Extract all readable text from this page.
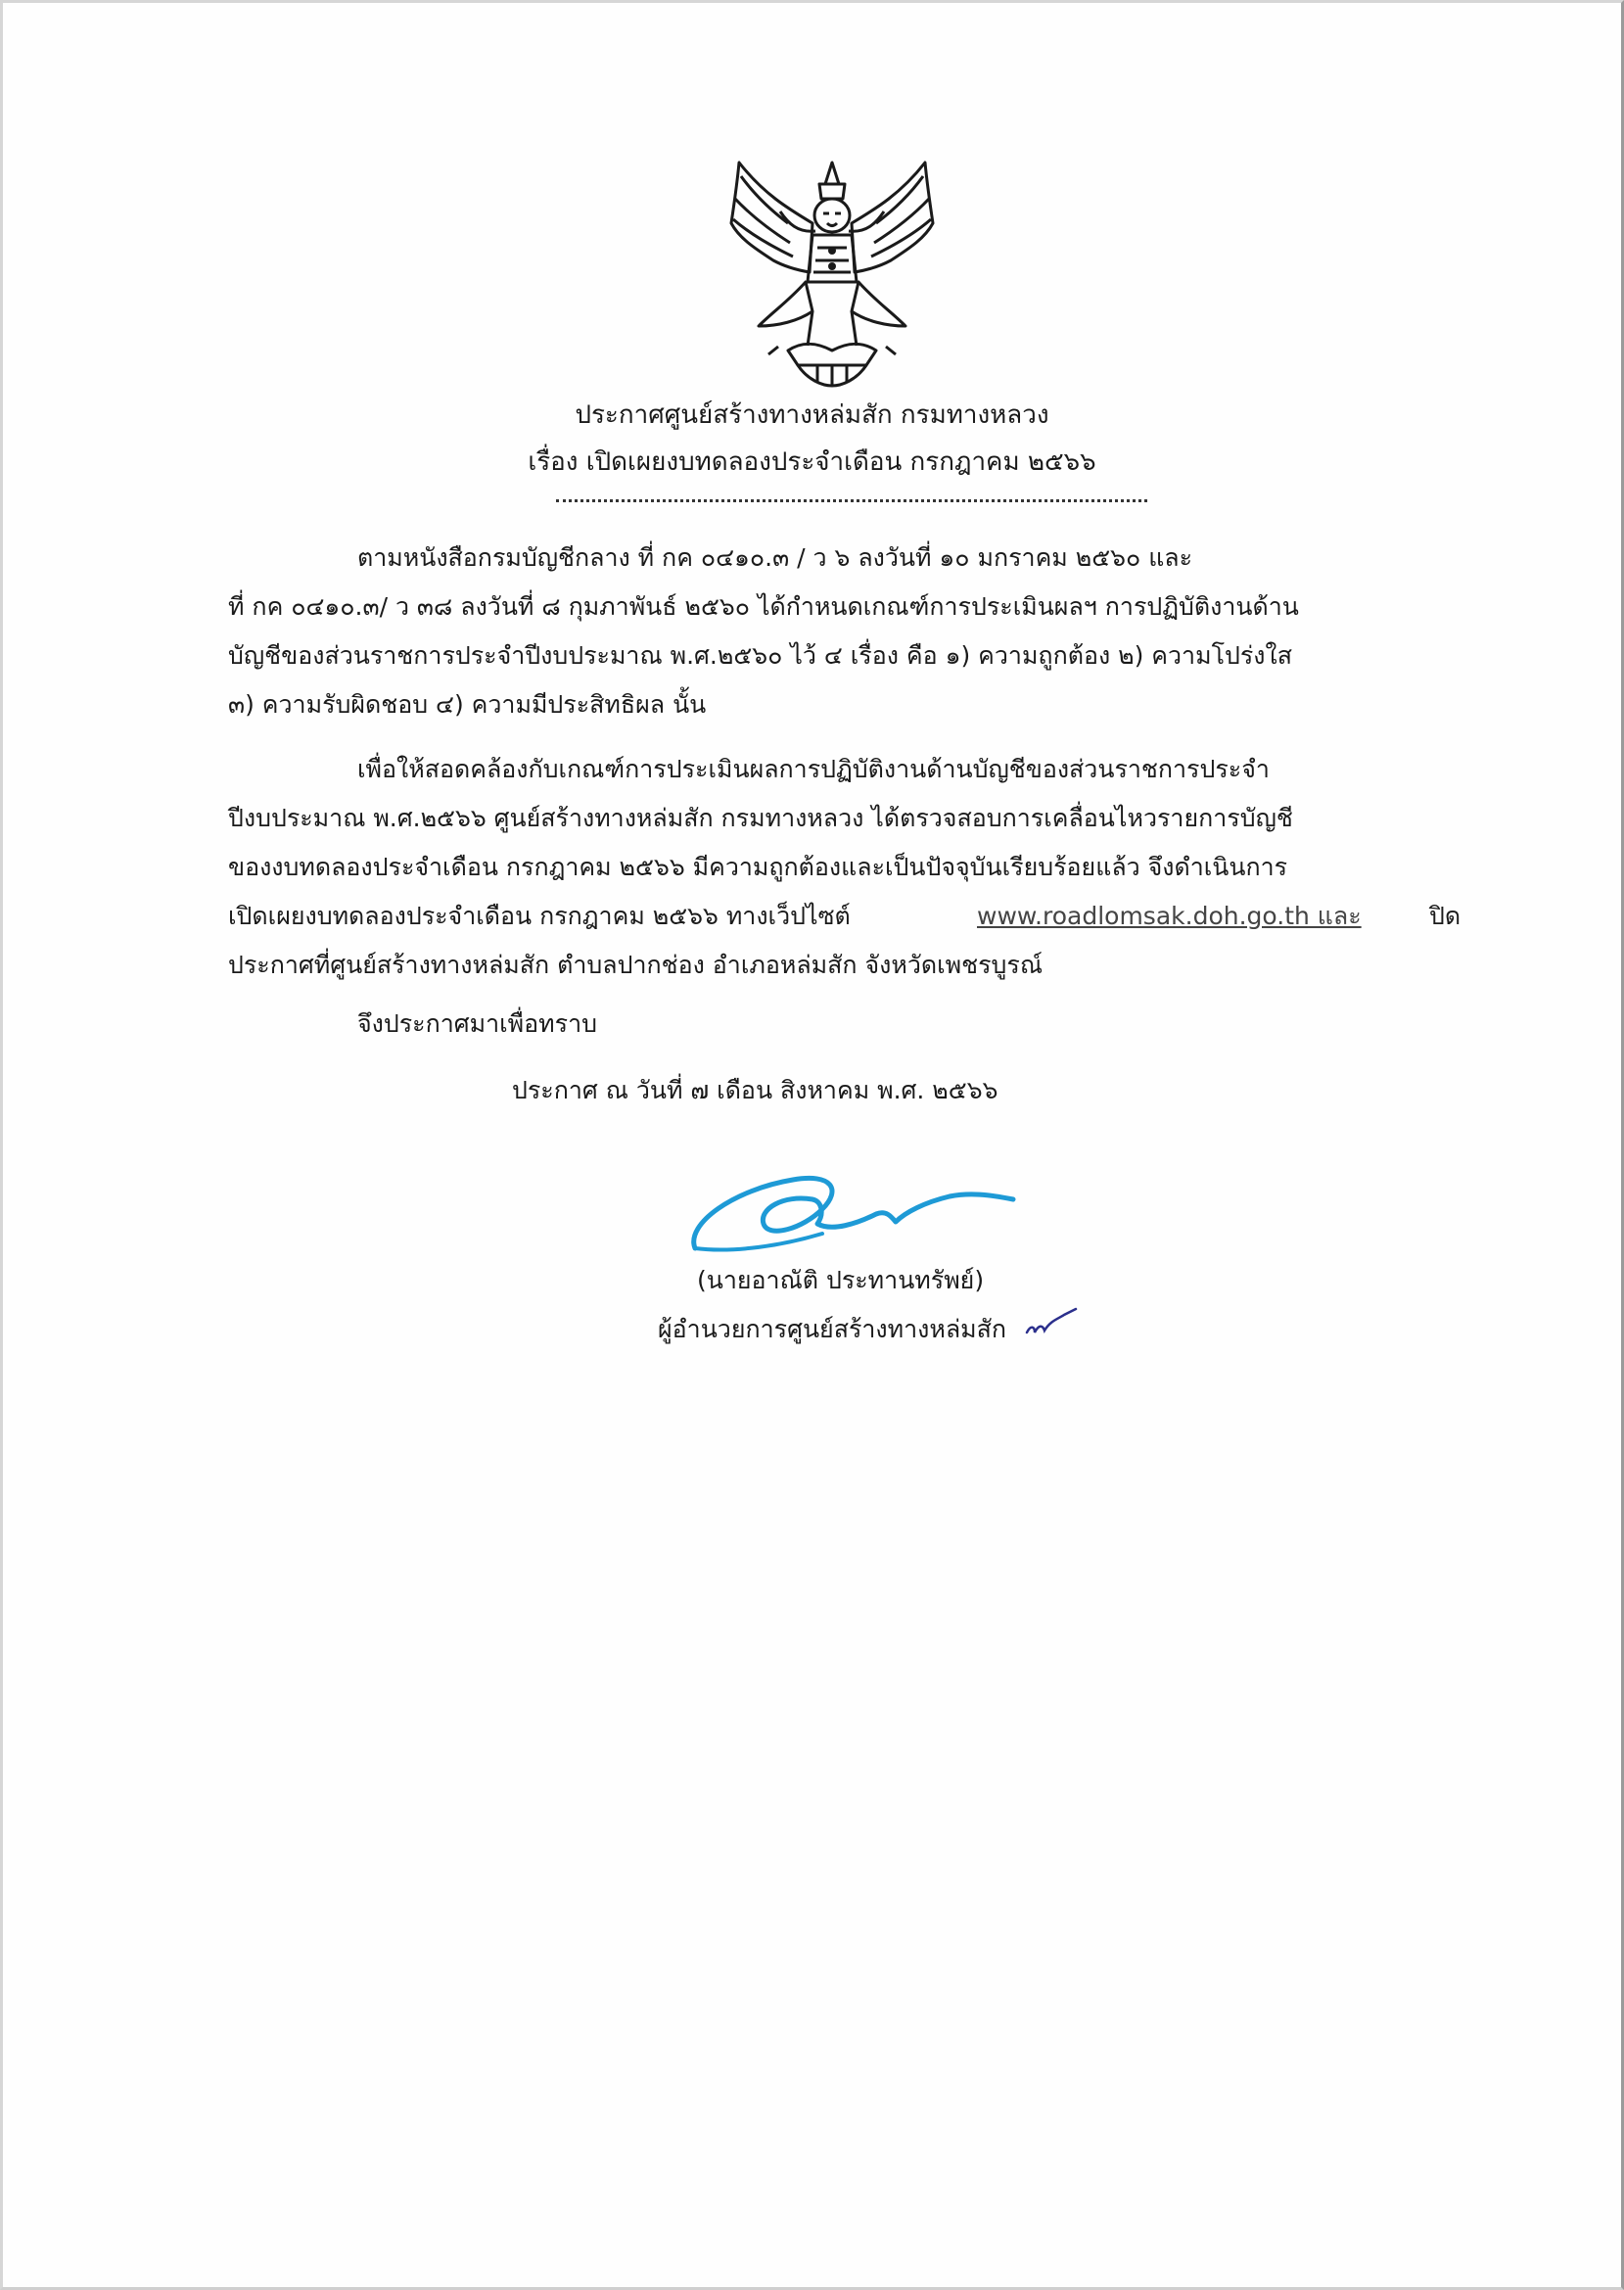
ประกาศศูนย์สร้างทางหล่มสัก กรมทางหลวง
เรื่อง เปิดเผยงบทดลองประจำเดือน กรกฎาคม ๒๕๖๖
ตามหนังสือกรมบัญชีกลาง ที่ กค ๐๔๑๐.๓ / ว ๖ ลงวันที่ ๑๐ มกราคม ๒๕๖๐ และ
ที่ กค ๐๔๑๐.๓/ ว ๓๘ ลงวันที่ ๘ กุมภาพันธ์ ๒๕๖๐ ได้กำหนดเกณฑ์การประเมินผลฯ การปฏิบัติงานด้าน
บัญชีของส่วนราชการประจำปีงบประมาณ พ.ศ.๒๕๖๐ ไว้ ๔ เรื่อง คือ ๑) ความถูกต้อง ๒) ความโปร่งใส
๓) ความรับผิดชอบ ๔) ความมีประสิทธิผล นั้น
เพื่อให้สอดคล้องกับเกณฑ์การประเมินผลการปฏิบัติงานด้านบัญชีของส่วนราชการประจำ
ปีงบประมาณ พ.ศ.๒๕๖๖ ศูนย์สร้างทางหล่มสัก กรมทางหลวง ได้ตรวจสอบการเคลื่อนไหวรายการบัญชี
ของงบทดลองประจำเดือน กรกฎาคม ๒๕๖๖ มีความถูกต้องและเป็นปัจจุบันเรียบร้อยแล้ว จึงดำเนินการ
เปิดเผยงบทดลองประจำเดือน กรกฎาคม ๒๕๖๖ ทางเว็ปไซต์	www.roadlomsak.doh.go.th และ	ปิด
ประกาศที่ศูนย์สร้างทางหล่มสัก ตำบลปากช่อง อำเภอหล่มสัก จังหวัดเพชรบูรณ์
จึงประกาศมาเพื่อทราบ
ประกาศ ณ วันที่ ๗ เดือน สิงหาคม พ.ศ. ๒๕๖๖
(นายอาณัติ ประทานทรัพย์)
ผู้อำนวยการศูนย์สร้างทางหล่มสัก
